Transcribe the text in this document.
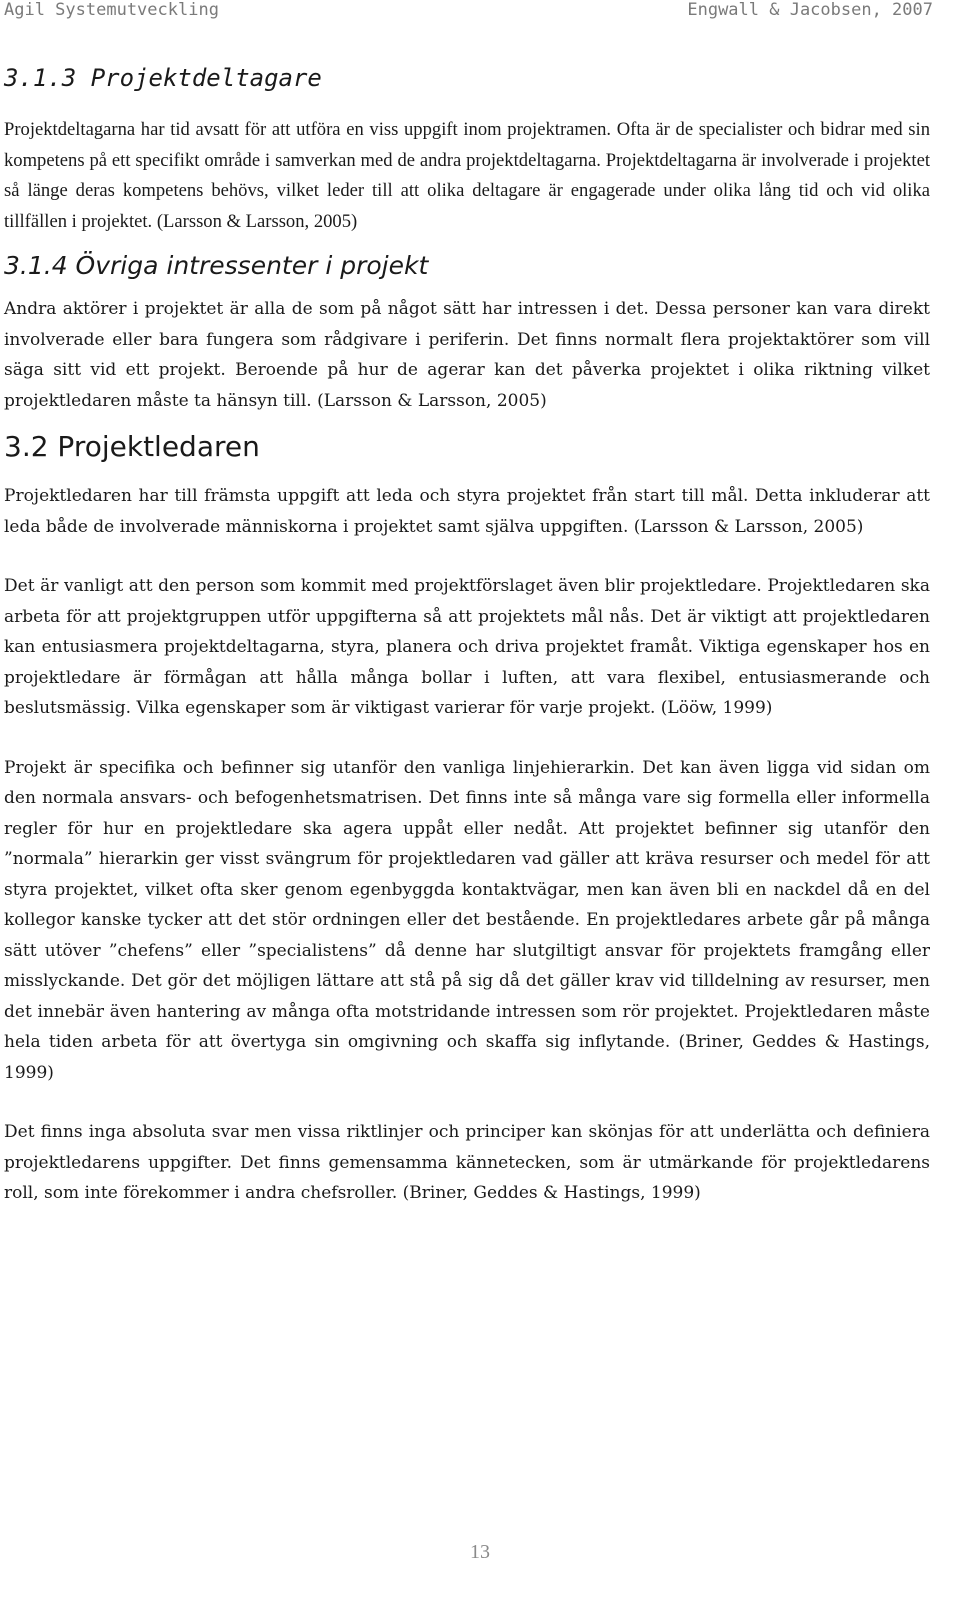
Agil Systemutveckling	Engwall & Jacobsen, 2007
3.1.3 Projektdeltagare

Projektdeltagarna har tid avsatt för att utföra en viss uppgift inom projektramen. Ofta är de specialister och bidrar med sin kompetens på ett specifikt område i samverkan med de andra projektdeltagarna. Projektdeltagarna är involverade i projektet så länge deras kompetens behövs, vilket leder till att olika deltagare är engagerade under olika lång tid och vid olika tillfällen i projektet. (Larsson & Larsson, 2005)

3.1.4 Övriga intressenter i projekt

Andra aktörer i projektet är alla de som på något sätt har intressen i det. Dessa personer kan vara direkt involverade eller bara fungera som rådgivare i periferin. Det finns normalt flera projektaktörer som vill säga sitt vid ett projekt. Beroende på hur de agerar kan det påverka projektet i olika riktning vilket projektledaren måste ta hänsyn till. (Larsson & Larsson, 2005)

3.2 Projektledaren

Projektledaren har till främsta uppgift att leda och styra projektet från start till mål. Detta inkluderar att leda både de involverade människorna i projektet samt själva uppgiften. (Larsson & Larsson, 2005)

Det är vanligt att den person som kommit med projektförslaget även blir projektledare. Projektledaren ska arbeta för att projektgruppen utför uppgifterna så att projektets mål nås. Det är viktigt att projektledaren kan entusiasmera projektdeltagarna, styra, planera och driva projektet framåt. Viktiga egenskaper hos en projektledare är förmågan att hålla många bollar i luften, att vara flexibel, entusiasmerande och beslutsmässig. Vilka egenskaper som är viktigast varierar för varje projekt. (Lööw, 1999)

Projekt är specifika och befinner sig utanför den vanliga linjehierarkin. Det kan även ligga vid sidan om den normala ansvars- och befogenhetsmatrisen. Det finns inte så många vare sig formella eller informella regler för hur en projektledare ska agera uppåt eller nedåt. Att projektet befinner sig utanför den ”normala” hierarkin ger visst svängrum för projektledaren vad gäller att kräva resurser och medel för att styra projektet, vilket ofta sker genom egenbyggda kontaktvägar, men kan även bli en nackdel då en del kollegor kanske tycker att det stör ordningen eller det bestående. En projektledares arbete går på många sätt utöver ”chefens” eller ”specialistens” då denne har slutgiltigt ansvar för projektets framgång eller misslyckande. Det gör det möjligen lättare att stå på sig då det gäller krav vid tilldelning av resurser, men det innebär även hantering av många ofta motstridande intressen som rör projektet. Projektledaren måste hela tiden arbeta för att övertyga sin omgivning och skaffa sig inflytande. (Briner, Geddes & Hastings, 1999)

Det finns inga absoluta svar men vissa riktlinjer och principer kan skönjas för att underlätta och definiera projektledarens uppgifter. Det finns gemensamma kännetecken, som är utmärkande för projektledarens roll, som inte förekommer i andra chefsroller. (Briner, Geddes & Hastings, 1999)

13
